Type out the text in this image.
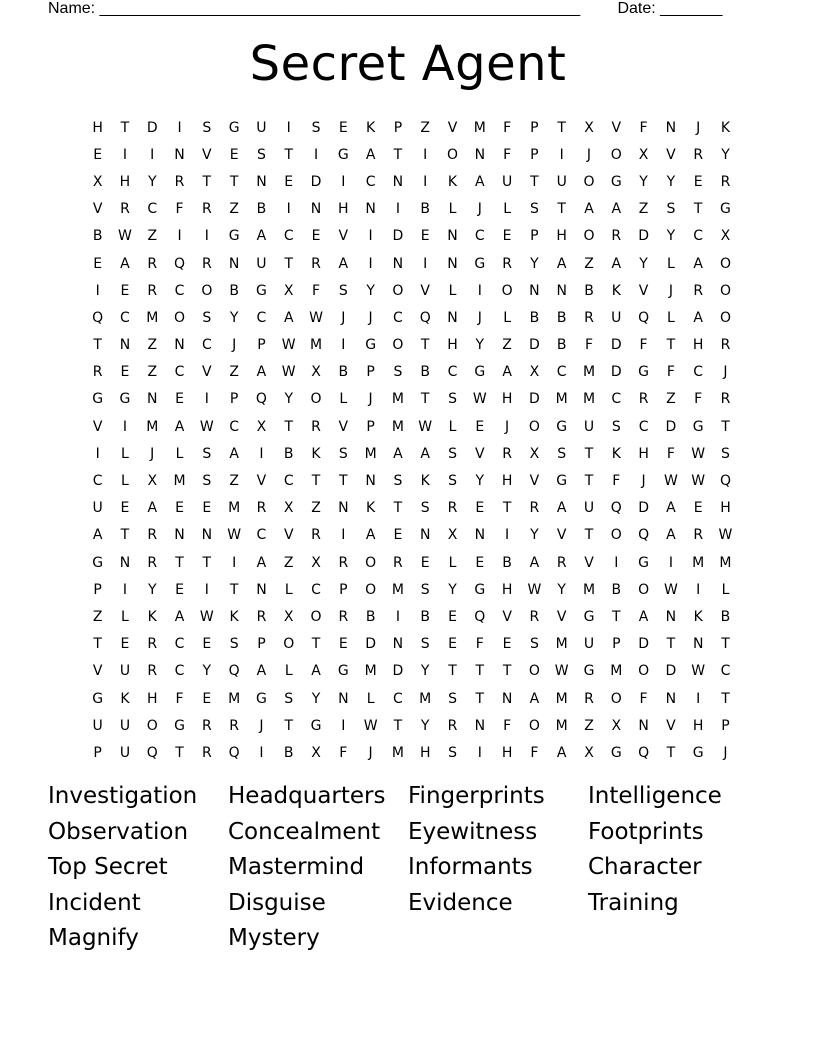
Name: ______________________________________________________ Date: _______
Secret Agent
H	T	D	I	S	G	U	I	S	E	K	P	Z	V	M	F	P	T	X	V	F	N	J	K
E	I	I	N	V	E	S	T	I	G	A	T	I	O	N	F	P	I	J	O	X	V	R	Y
X	H	Y	R	T	T	N	E	D	I	C	N	I	K	A	U	T	U	O	G	Y	Y	E	R
V	R	C	F	R	Z	B	I	N	H	N	I	B	L	J	L	S	T	A	A	Z	S	T	G
B	W	Z	I	I	G	A	C	E	V	I	D	E	N	C	E	P	H	O	R	D	Y	C	X
E	A	R	Q	R	N	U	T	R	A	I	N	I	N	G	R	Y	A	Z	A	Y	L	A	O
I	E	R	C	O	B	G	X	F	S	Y	O	V	L	I	O	N	N	B	K	V	J	R	O
Q	C	M	O	S	Y	C	A	W	J	J	C	Q	N	J	L	B	B	R	U	Q	L	A	O
T	N	Z	N	C	J	P	W	M	I	G	O	T	H	Y	Z	D	B	F	D	F	T	H	R
R	E	Z	C	V	Z	A	W	X	B	P	S	B	C	G	A	X	C	M	D	G	F	C	J
G	G	N	E	I	P	Q	Y	O	L	J	M	T	S	W	H	D	M	M	C	R	Z	F	R
V	I	M	A	W	C	X	T	R	V	P	M	W	L	E	J	O	G	U	S	C	D	G	T
I	L	J	L	S	A	I	B	K	S	M	A	A	S	V	R	X	S	T	K	H	F	W	S
C	L	X	M	S	Z	V	C	T	T	N	S	K	S	Y	H	V	G	T	F	J	W W	Q
U	E	A	E	E	M	R	X	Z	N	K	T	S	R	E	T	R	A	U	Q	D	A	E	H
A	T	R	N	N	W	C	V	R	I	A	E	N	X	N	I	Y	V	T	O	Q	A	R	W
G	N	R	T	T	I	A	Z	X	R	O	R	E	L	E	B	A	R	V	I	G	I	M	M
P	I	Y	E	I	T	N	L	C	P	O	M	S	Y	G	H	W	Y	M	B	O	W	I	L
Z	L	K	A	W	K	R	X	O	R	B	I	B	E	Q	V	R	V	G	T	A	N	K	B
T	E	R	C	E	S	P	O	T	E	D	N	S	E	F	E	S	M	U	P	D	T	N	T
V	U	R	C	Y	Q	A	L	A	G	M	D	Y	T	T	T	O	W	G	M	O	D	W	C
G	K	H	F	E	M	G	S	Y	N	L	C	M	S	T	N	A	M	R	O	F	N	I	T
U	U	O	G	R	R	J	T	G	I	W	T	Y	R	N	F	O	M	Z	X	N	V	H	P
P	U	Q	T	R	Q	I	B	X	F	J	M	H	S	I	H	F	A	X	G	Q	T	G	J
Investigation	Headquarters Fingerprints	Intelligence
Observation	Concealment	Eyewitness	Footprints
Top Secret	Mastermind	Informants	Character
Incident	Disguise	Evidence	Training
Magnify	Mystery
